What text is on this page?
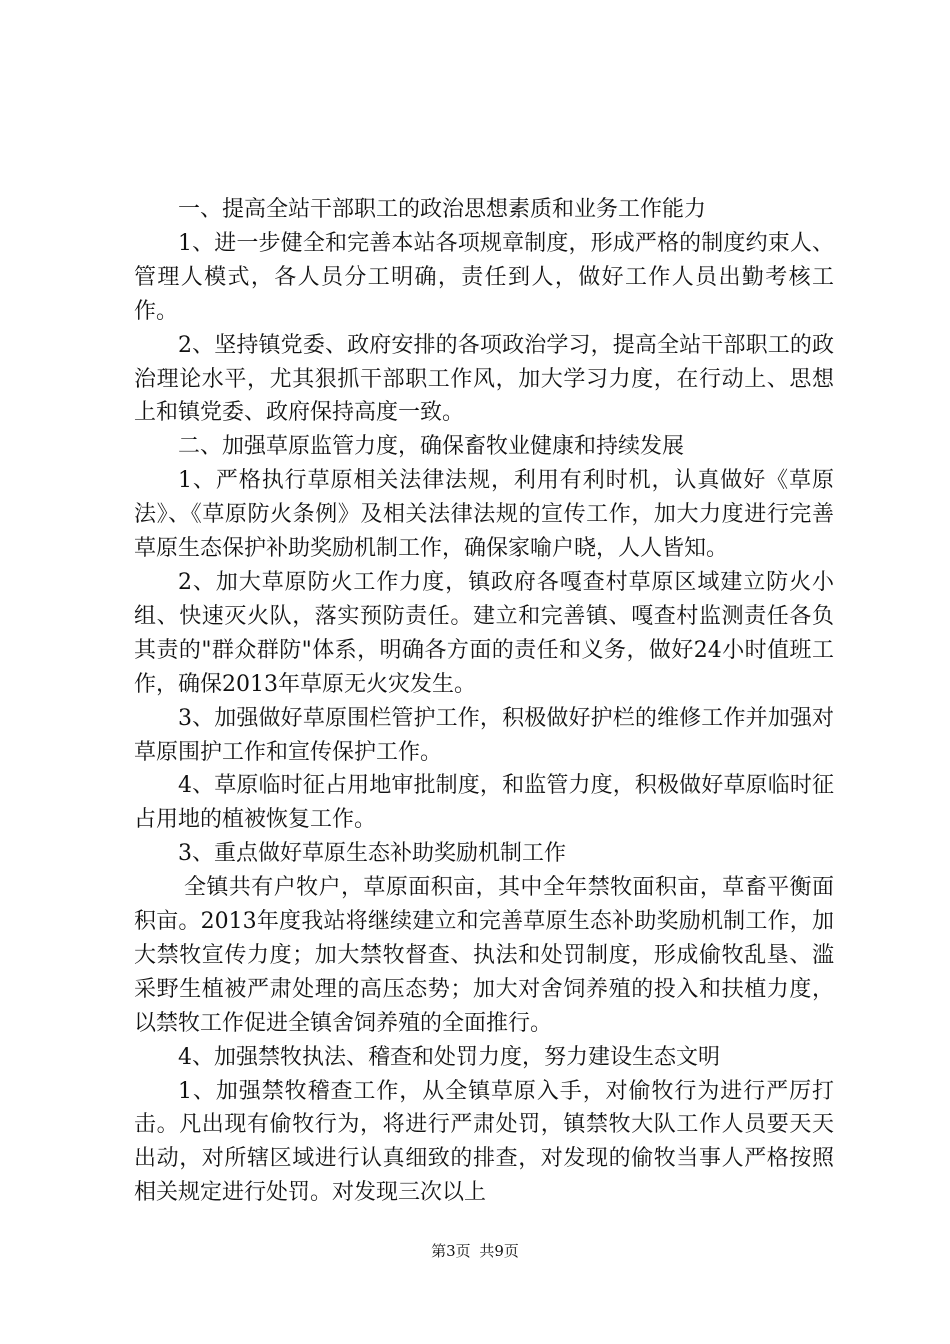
一、提高全站干部职工的政治思想素质和业务工作能力

1、进一步健全和完善本站各项规章制度，形成严格的制度约束人、管理人模式，各人员分工明确，责任到人，做好工作人员出勤考核工作。

2、坚持镇党委、政府安排的各项政治学习，提高全站干部职工的政治理论水平，尤其狠抓干部职工作风，加大学习力度，在行动上、思想上和镇党委、政府保持高度一致。

二、加强草原监管力度，确保畜牧业健康和持续发展

1、严格执行草原相关法律法规，利用有利时机，认真做好《草原法》、《草原防火条例》及相关法律法规的宣传工作，加大力度进行完善草原生态保护补助奖励机制工作，确保家喻户晓，人人皆知。

2、加大草原防火工作力度，镇政府各嘎查村草原区域建立防火小组、快速灭火队，落实预防责任。建立和完善镇、嘎查村监测责任各负其责的"群众群防"体系，明确各方面的责任和义务，做好24小时值班工作，确保2013年草原无火灾发生。

3、加强做好草原围栏管护工作，积极做好护栏的维修工作并加强对草原围护工作和宣传保护工作。

4、草原临时征占用地审批制度，和监管力度，积极做好草原临时征占用地的植被恢复工作。

3、重点做好草原生态补助奖励机制工作

全镇共有户牧户，草原面积亩，其中全年禁牧面积亩，草畜平衡面积亩。2013年度我站将继续建立和完善草原生态补助奖励机制工作，加大禁牧宣传力度；加大禁牧督查、执法和处罚制度，形成偷牧乱垦、滥采野生植被严肃处理的高压态势；加大对舍饲养殖的投入和扶植力度，以禁牧工作促进全镇舍饲养殖的全面推行。

4、加强禁牧执法、稽查和处罚力度，努力建设生态文明

1、加强禁牧稽查工作，从全镇草原入手，对偷牧行为进行严厉打击。凡出现有偷牧行为，将进行严肃处罚，镇禁牧大队工作人员要天天出动，对所辖区域进行认真细致的排查，对发现的偷牧当事人严格按照相关规定进行处罚。对发现三次以上

第3页 共9页
